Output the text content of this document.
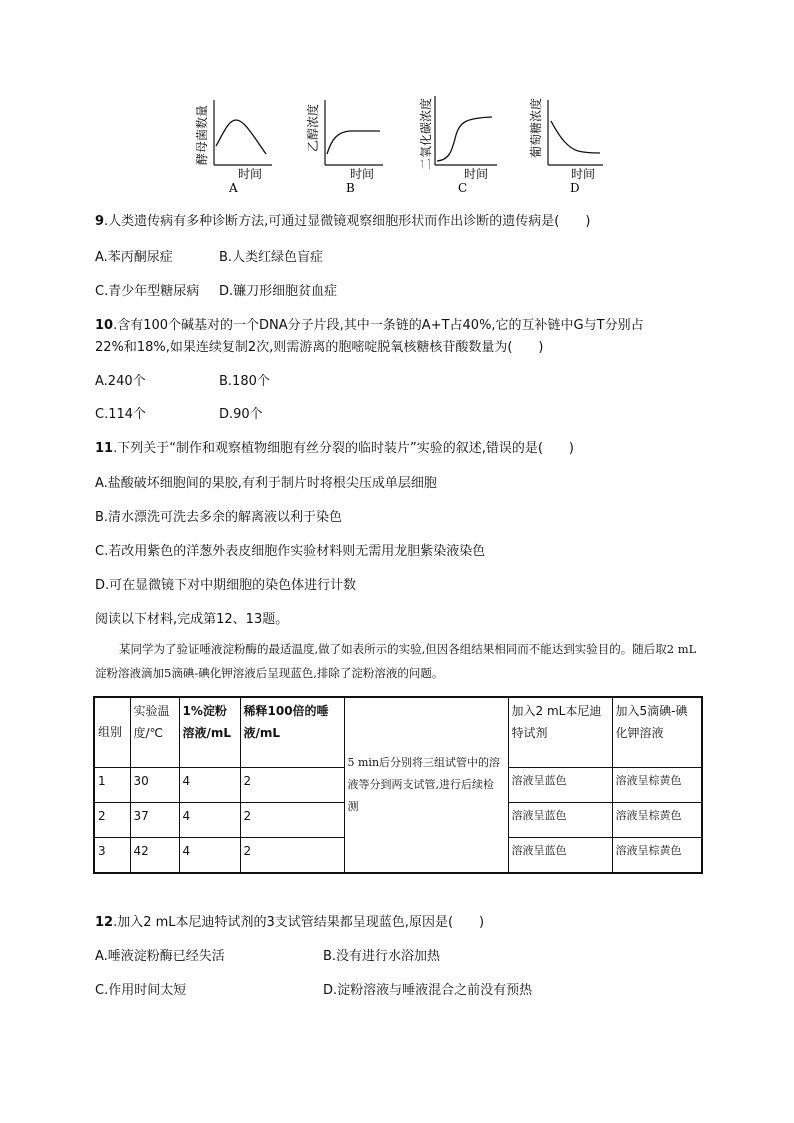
酵母菌数量	乙醇浓度	二氧化碳浓度	葡萄糖浓度
时间	时间	时间	时间
A	B	C	D
9.人类遗传病有多种诊断方法,可通过显微镜观察细胞形状而作出诊断的遗传病是(　　)
A.苯丙酮尿症	B.人类红绿色盲症
C.青少年型糖尿病 D.镰刀形细胞贫血症
10.含有100个碱基对的一个DNA分子片段,其中一条链的A+T占40%,它的互补链中G与T分别占
22%和18%,如果连续复制2次,则需游离的胞嘧啶脱氧核糖核苷酸数量为(　　)
A.240个	B.180个
C.114个	D.90个
11.下列关于“制作和观察植物细胞有丝分裂的临时装片”实验的叙述,错误的是(　　)
A.盐酸破坏细胞间的果胶,有利于制片时将根尖压成单层细胞
B.清水漂洗可洗去多余的解离液以利于染色
C.若改用紫色的洋葱外表皮细胞作实验材料则无需用龙胆紫染液染色
D.可在显微镜下对中期细胞的染色体进行计数
阅读以下材料,完成第12、13题。
某同学为了验证唾液淀粉酶的最适温度,做了如表所示的实验,但因各组结果相同而不能达到实验目的。随后取2 mL淀粉溶液滴加5滴碘-碘化钾溶液后呈现蓝色,排除了淀粉溶液的问题。
组别	实验温度/℃	1%淀粉溶液/mL	稀释100倍的唾液/mL	5 min后分别将三组试管中的溶液等分到两支试管,进行后续检测	加入2 mL本尼迪特试剂	加入5滴碘-碘化钾溶液
1	30	4	2		溶液呈蓝色	溶液呈棕黄色
2	37	4	2		溶液呈蓝色	溶液呈棕黄色
3	42	4	2		溶液呈蓝色	溶液呈棕黄色
12.加入2 mL本尼迪特试剂的3支试管结果都呈现蓝色,原因是(　　)
A.唾液淀粉酶已经失活	B.没有进行水浴加热
C.作用时间太短	D.淀粉溶液与唾液混合之前没有预热
